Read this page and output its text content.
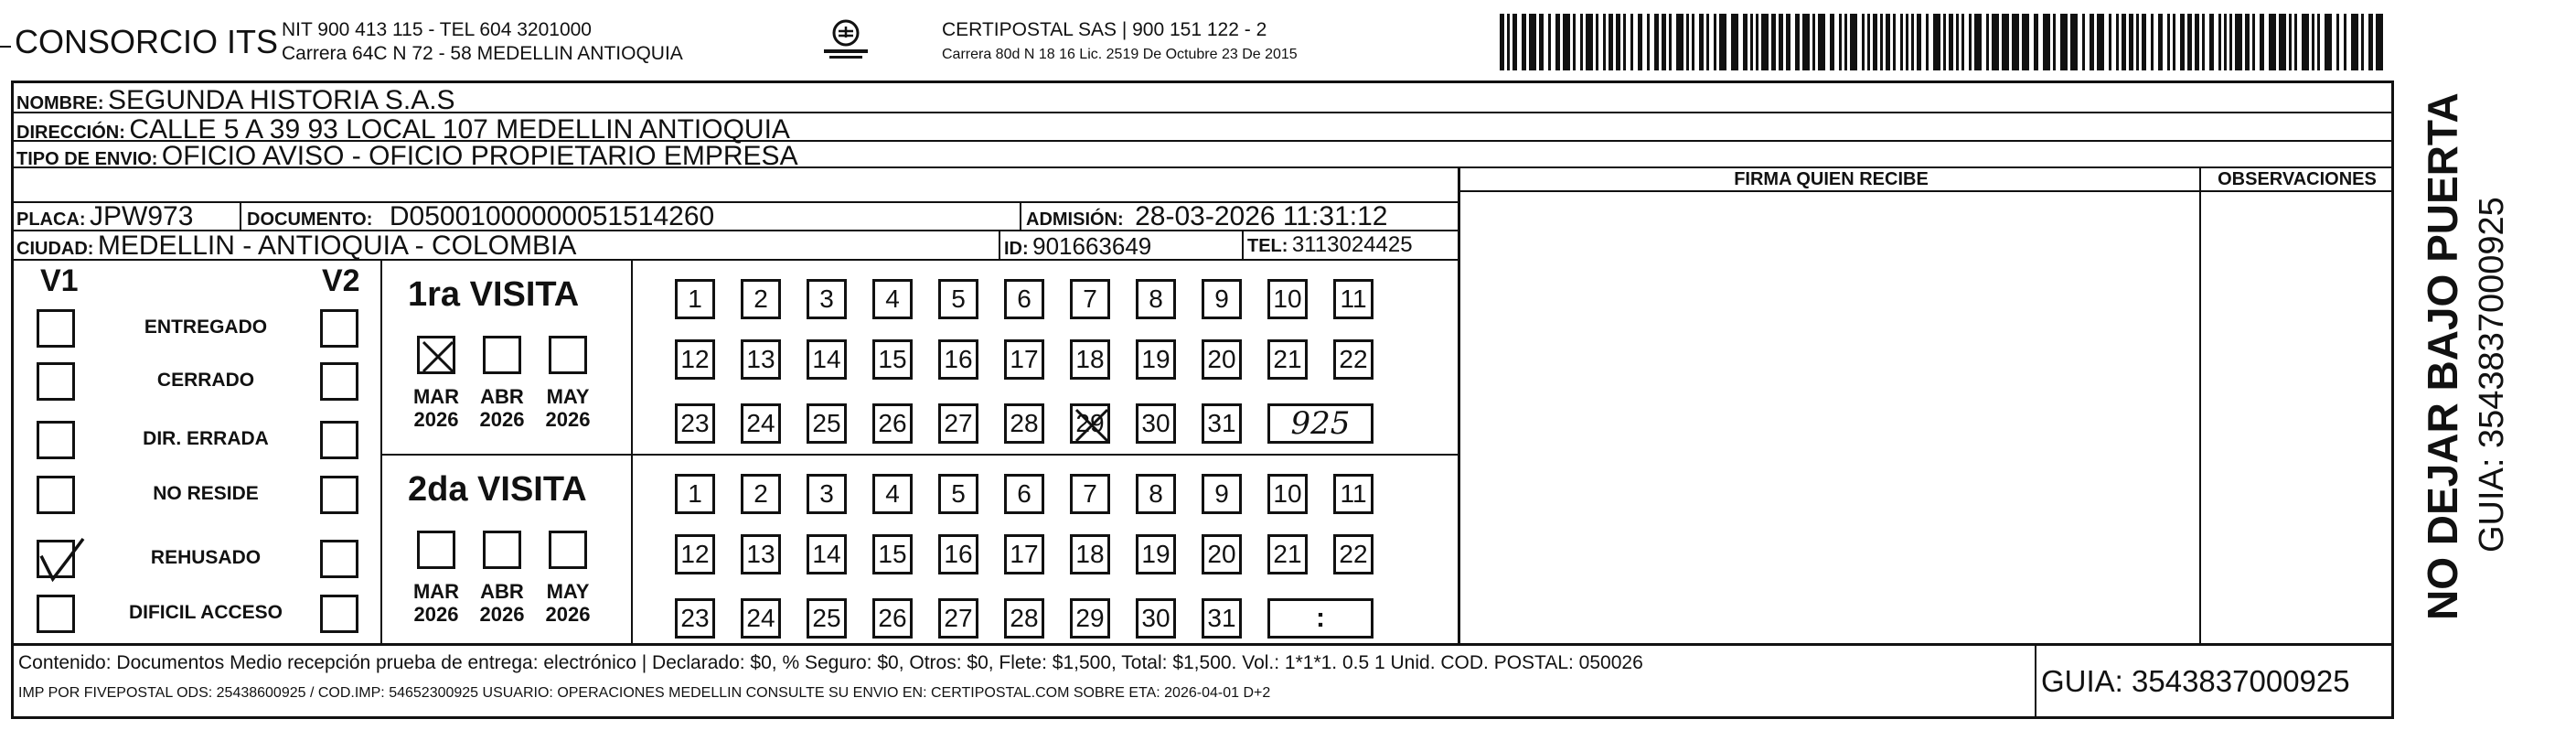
CONSORCIO ITS NIT 900 413 115 - TEL 604 3201000
Carrera 64C N 72 - 58 MEDELLIN ANTIOQUIA
CERTIPOSTAL SAS | 900 151 122 - 2
Carrera 80d N 18 16 Lic. 2519 De Octubre 23 De 2015
NOMBRE: SEGUNDA HISTORIA S.A.S
DIRECCIÓN: CALLE 5 A 39 93 LOCAL 107 MEDELLIN ANTIOQUIA
TIPO DE ENVIO: OFICIO AVISO - OFICIO PROPIETARIO EMPRESA
FIRMA QUIEN RECIBE	OBSERVACIONES
PLACA: JPW973	DOCUMENTO: D05001000000051514260	ADMISIÓN: 28-03-2026 11:31:12
CIUDAD: MEDELLIN - ANTIOQUIA - COLOMBIA	ID: 901663649	TEL: 3113024425
V1	V2
ENTREGADO
CERRADO
DIR. ERRADA
NO RESIDE
REHUSADO
DIFICIL ACCESO
1ra VISITA
MAR
2026
ABR
2026
MAY
2026
1	2	3	4	5	6	7	8	9	10 11
12 13 14 15 16 17 18 19 20 21 22
23 24 25 26 27 28 29 30 31 925
2da VISITA
MAR
2026
ABR
2026
MAY
2026
1	2	3	4	5	6	7	8	9	10 11
12 13 14 15 16 17 18 19 20 21 22
23 24 25 26 27 28 29 30 31	:
Contenido: Documentos Medio recepción prueba de entrega: electrónico | Declarado: $0, % Seguro: $0, Otros: $0, Flete: $1,500, Total: $1,500. Vol.: 1*1*1. 0.5 1 Unid. COD. POSTAL: 050026
IMP POR FIVEPOSTAL ODS: 25438600925 / COD.IMP: 54652300925 USUARIO: OPERACIONES MEDELLIN CONSULTE SU ENVIO EN: CERTIPOSTAL.COM SOBRE ETA: 2026-04-01 D+2	GUIA: 3543837000925
NO DEJAR BAJO PUERTA GUIA: 3543837000925
